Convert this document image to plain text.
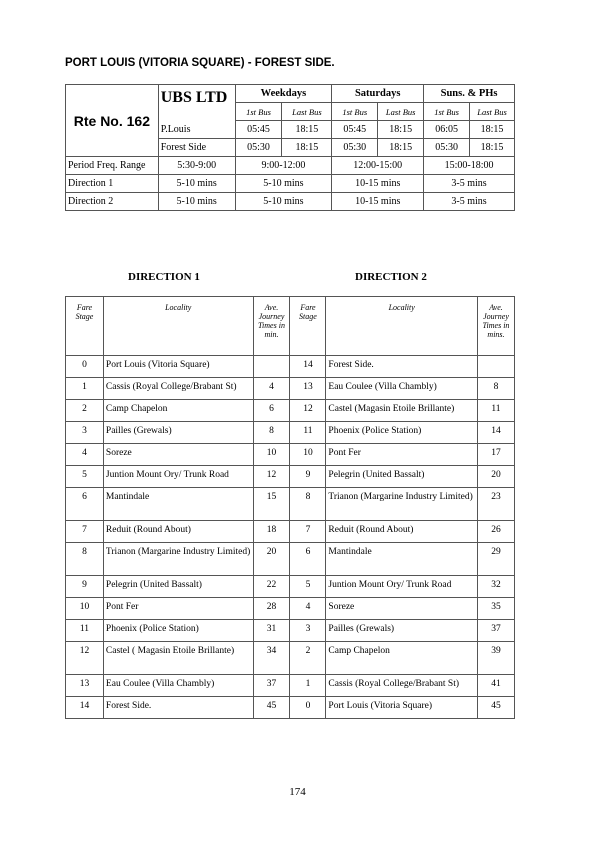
PORT LOUIS (VITORIA SQUARE) - FOREST SIDE.
Rte No. 162	UBS LTD	Weekdays		Saturdays		Suns. & PHs	
		1st Bus	Last Bus	1st Bus	Last Bus	1st Bus	Last Bus
	P.Louis	05:45	18:15	05:45	18:15	06:05	18:15
	Forest Side	05:30	18:15	05:30	18:15	05:30	18:15
Period Freq. Range	5:30-9:00	9:00-12:00		12:00-15:00		15:00-18:00	
Direction 1	5-10 mins	5-10 mins		10-15 mins		3-5 mins	
Direction 2	5-10 mins	5-10 mins		10-15 mins		3-5 mins	
DIRECTION 1	DIRECTION 2
Fare Stage	Locality	Ave. Journey Times in min.	Fare Stage	Locality	Ave. Journey Times in mins.
0	Port Louis (Vitoria Square)		14	Forest Side.	
1	Cassis (Royal College/Brabant St)	4	13	Eau Coulee (Villa Chambly)	8
2	Camp Chapelon	6	12	Castel (Magasin Etoile Brillante)	11
3	Pailles (Grewals)	8	11	Phoenix (Police Station)	14
4	Soreze	10	10	Pont Fer	17
5	Juntion Mount Ory/ Trunk Road	12	9	Pelegrin (United Bassalt)	20
6	Mantindale	15	8	Trianon (Margarine Industry Limited)	23
7	Reduit (Round About)	18	7	Reduit (Round About)	26
8	Trianon (Margarine Industry Limited)	20	6	Mantindale	29
9	Pelegrin (United Bassalt)	22	5	Juntion Mount Ory/ Trunk Road	32
10	Pont Fer	28	4	Soreze	35
11	Phoenix (Police Station)	31	3	Pailles (Grewals)	37
12	Castel ( Magasin Etoile Brillante)	34	2	Camp Chapelon	39
13	Eau Coulee (Villa Chambly)	37	1	Cassis (Royal College/Brabant St)	41
14	Forest Side.	45	0	Port Louis (Vitoria Square)	45
174
